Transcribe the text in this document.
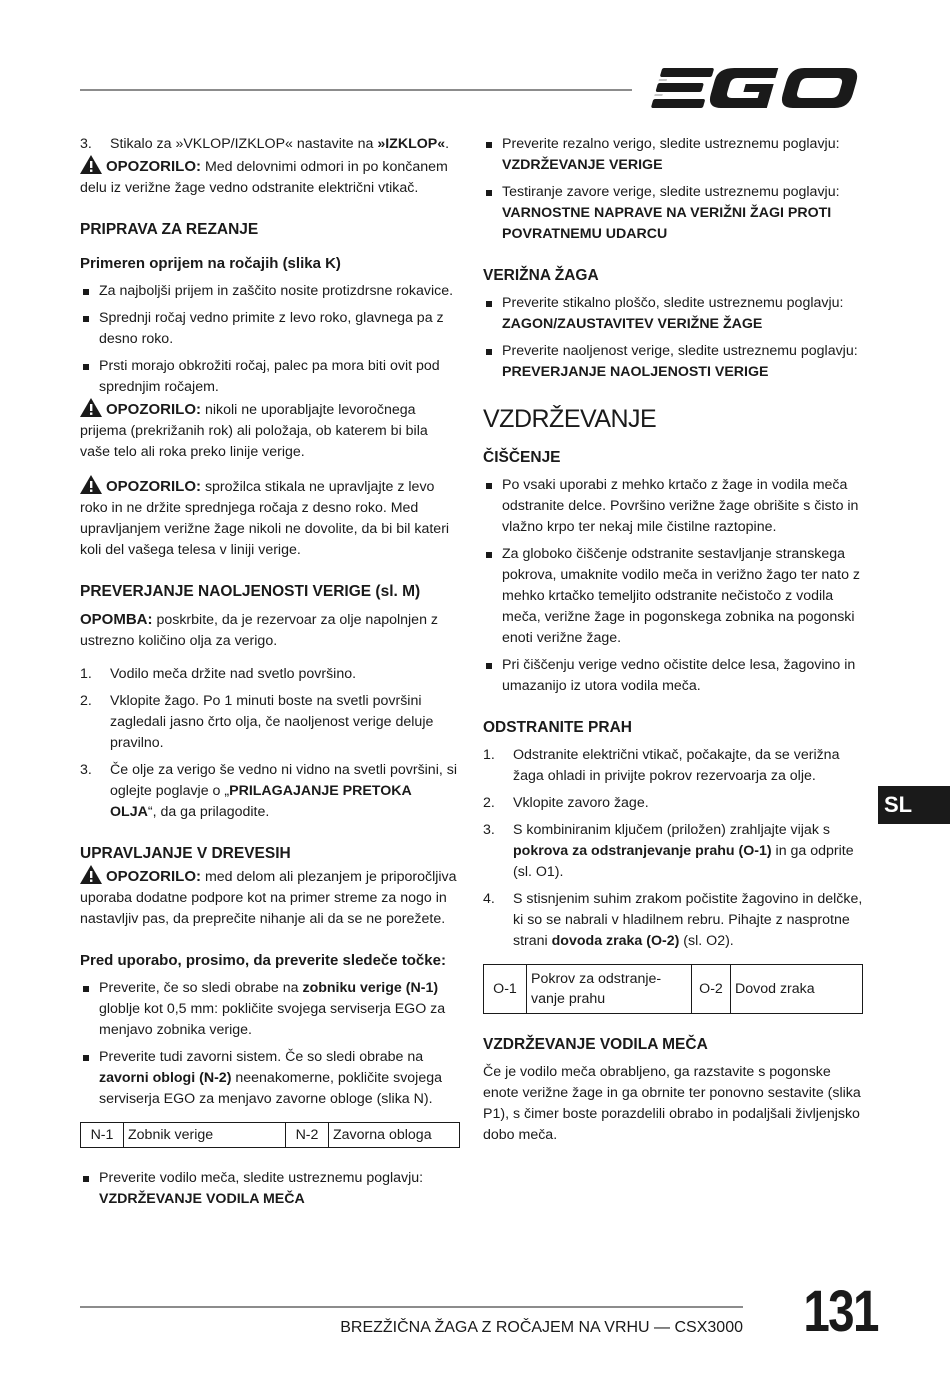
3. Stikalo za »VKLOP/IZKLOP« nastavite na »IZKLOP«.

OPOZORILO: Med delovnimi odmori in po končanem delu iz verižne žage vedno odstranite električni vtikač.

PRIPRAVA ZA REZANJE

Primeren oprijem na ročajih (slika K)

Za najboljši prijem in zaščito nosite protizdrsne rokavice.
Sprednji ročaj vedno primite z levo roko, glavnega pa z desno roko.
Prsti morajo obkrožiti ročaj, palec pa mora biti ovit pod sprednjim ročajem.

OPOZORILO: nikoli ne uporabljajte levoročnega prijema (prekrižanih rok) ali položaja, ob katerem bi bila vaše telo ali roka preko linije verige.

OPOZORILO: sprožilca stikala ne upravljajte z levo roko in ne držite sprednjega ročaja z desno roko. Med upravljanjem verižne žage nikoli ne dovolite, da bi bil kateri koli del vašega telesa v liniji verige.

PREVERJANJE NAOLJENOSTI VERIGE (sl. M)

OPOMBA: poskrbite, da je rezervoar za olje napolnjen z ustrezno količino olja za verigo.

1. Vodilo meča držite nad svetlo površino.
2. Vklopite žago. Po 1 minuti boste na svetli površini zagledali jasno črto olja, če naoljenost verige deluje pravilno.
3. Če olje za verigo še vedno ni vidno na svetli površini, si oglejte poglavje o „PRILAGAJANJE PRETOKA OLJA“, da ga prilagodite.

UPRAVLJANJE V DREVESIH

OPOZORILO: med delom ali plezanjem je priporočljiva uporaba dodatne podpore kot na primer streme za nogo in nastavljiv pas, da preprečite nihanje ali da se ne porežete.

Pred uporabo, prosimo, da preverite sledeče točke:

Preverite, če so sledi obrabe na zobniku verige (N-1) globlje kot 0,5 mm: pokličite svojega serviserja EGO za menjavo zobnika verige.
Preverite tudi zavorni sistem. Če so sledi obrabe na zavorni oblogi (N-2) neenakomerne, pokličite svojega serviserja EGO za menjavo zavorne obloge (slika N).
N-1	Zobnik verige	N-2	Zavorna obloga
Preverite vodilo meča, sledite ustreznemu poglavju:
VZDRŽEVANJE VODILA MEČA
Preverite rezalno verigo, sledite ustreznemu poglavju:
VZDRŽEVANJE VERIGE
Testiranje zavore verige, sledite ustreznemu poglavju:
VARNOSTNE NAPRAVE NA VERIŽNI ŽAGI PROTI POVRATNEMU UDARCU

VERIŽNA ŽAGA

Preverite stikalno ploščo, sledite ustreznemu poglavju:
ZAGON/ZAUSTAVITEV VERIŽNE ŽAGE
Preverite naoljenost verige, sledite ustreznemu poglavju:
PREVERJANJE NAOLJENOSTI VERIGE

VZDRŽEVANJE

ČIŠČENJE

Po vsaki uporabi z mehko krtačo z žage in vodila meča odstranite delce. Površino verižne žage obrišite s čisto in vlažno krpo ter nekaj mile čistilne raztopine.
Za globoko čiščenje odstranite sestavljanje stranskega pokrova, umaknite vodilo meča in verižno žago ter nato z mehko krtačko temeljito odstranite nečistočo z vodila meča, verižne žage in pogonskega zobnika na pogonski enoti verižne žage.
Pri čiščenju verige vedno očistite delce lesa, žagovino in umazanijo iz utora vodila meča.

ODSTRANITE PRAH

1. Odstranite električni vtikač, počakajte, da se verižna žaga ohladi in privijte pokrov rezervoarja za olje.
2. Vklopite zavoro žage.
3. S kombiniranim ključem (priložen) zrahljajte vijak s pokrova za odstranjevanje prahu (O-1) in ga odprite (sl. O1).
4. S stisnjenim suhim zrakom počistite žagovino in delčke, ki so se nabrali v hladilnem rebru. Pihajte z nasprotne strani dovoda zraka (O-2) (sl. O2).
O-1	Pokrov za odstranje-vanje prahu	O-2	Dovod zraka

VZDRŽEVANJE VODILA MEČA

Če je vodilo meča obrabljeno, ga razstavite s pogonske enote verižne žage in ga obrnite ter ponovno sestavite (slika P1), s čimer boste porazdelili obrabo in podaljšali življenjsko dobo meča.

SL
BREZŽIČNA ŽAGA Z ROČAJEM NA VRHU — CSX3000 131
